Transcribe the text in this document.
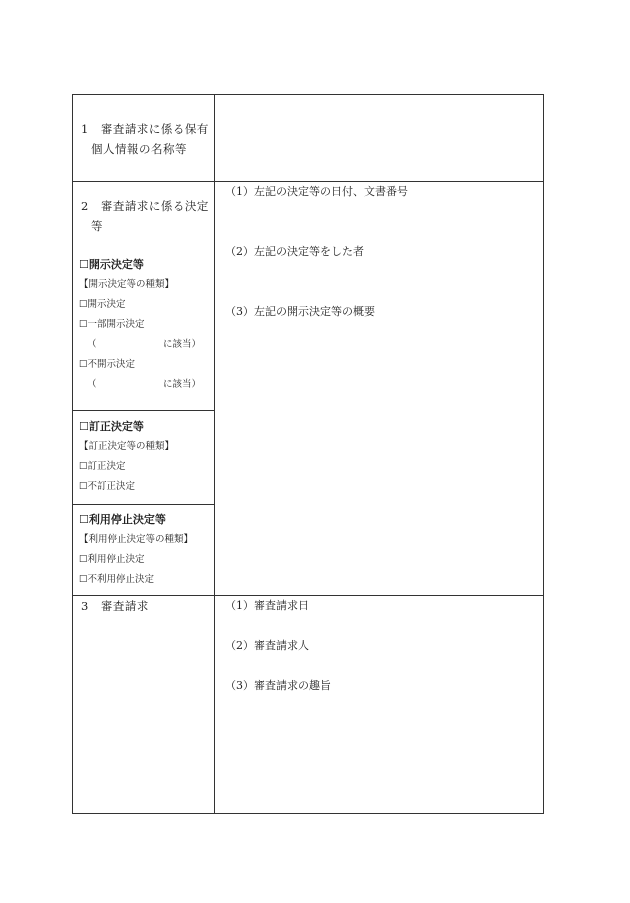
1　審査請求に係る保有
個人情報の名称等
2　審査請求に係る決定
等
☐開示決定等
【開示決定等の種類】
☐開示決定
☐一部開示決定
（　　　　　　　に該当）
☐不開示決定
（　　　　　　　に該当）
☐訂正決定等
【訂正決定等の種類】
☐訂正決定
☐不訂正決定
☐利用停止決定等
【利用停止決定等の種類】
☐利用停止決定
☐不利用停止決定
（1）左記の決定等の日付、文書番号
（2）左記の決定等をした者
（3）左記の開示決定等の概要
3　審査請求	（1）審査請求日
（2）審査請求人
（3）審査請求の趣旨
